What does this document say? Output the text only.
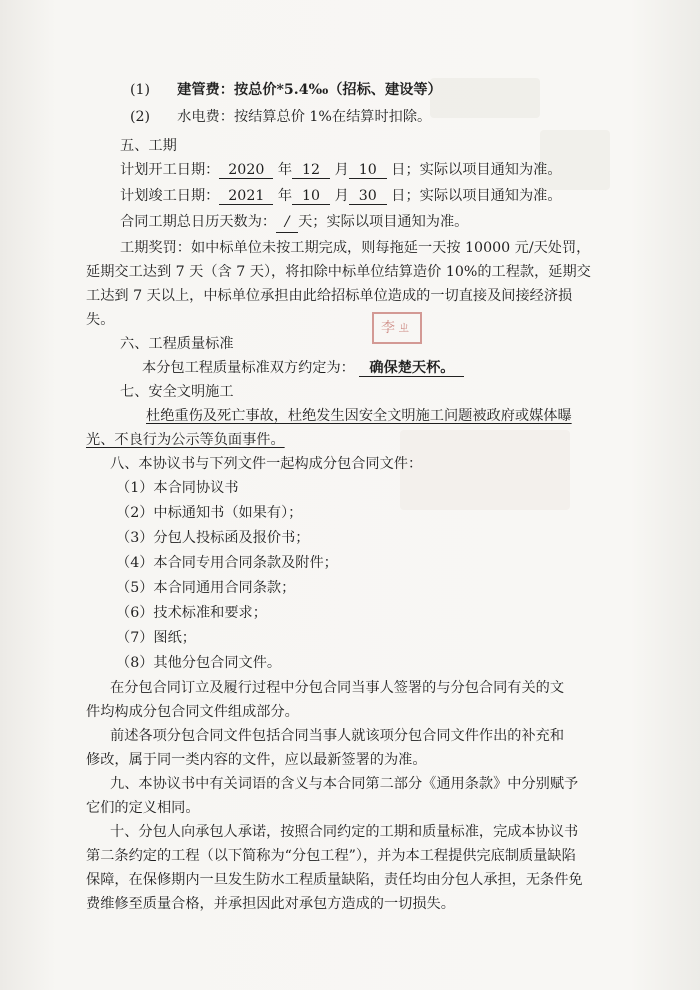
李ㄓ
(1) 建管费：按总价*5.4‰（招标、建设等）
(2) 水电费：按结算总价 1%在结算时扣除。
五、工期
计划开工日期： 2020 年 12 月 10 日；实际以项目通知为准。
计划竣工日期： 2021 年 10 月 30 日；实际以项目通知为准。
合同工期总日历天数为： / 天；实际以项目通知为准。
工期奖罚：如中标单位未按工期完成，则每拖延一天按 10000 元/天处罚，
延期交工达到 7 天（含 7 天），将扣除中标单位结算造价 10%的工程款，延期交
工达到 7 天以上，中标单位承担由此给招标单位造成的一切直接及间接经济损
失。
六、工程质量标准
本分包工程质量标准双方约定为： 确保楚天杯。
七、安全文明施工
杜绝重伤及死亡事故，杜绝发生因安全文明施工问题被政府或媒体曝
光、不良行为公示等负面事件。
八、本协议书与下列文件一起构成分包合同文件：
（1）本合同协议书
（2）中标通知书（如果有）；
（3）分包人投标函及报价书；
（4）本合同专用合同条款及附件；
（5）本合同通用合同条款；
（6）技术标准和要求；
（7）图纸；
（8）其他分包合同文件。
在分包合同订立及履行过程中分包合同当事人签署的与分包合同有关的文
件均构成分包合同文件组成部分。
前述各项分包合同文件包括合同当事人就该项分包合同文件作出的补充和
修改，属于同一类内容的文件，应以最新签署的为准。
九、本协议书中有关词语的含义与本合同第二部分《通用条款》中分别赋予
它们的定义相同。
十、分包人向承包人承诺，按照合同约定的工期和质量标准，完成本协议书
第二条约定的工程（以下简称为“分包工程”），并为本工程提供完底制质量缺陷
保障，在保修期内一旦发生防水工程质量缺陷，责任均由分包人承担，无条件免
费维修至质量合格，并承担因此对承包方造成的一切损失。
